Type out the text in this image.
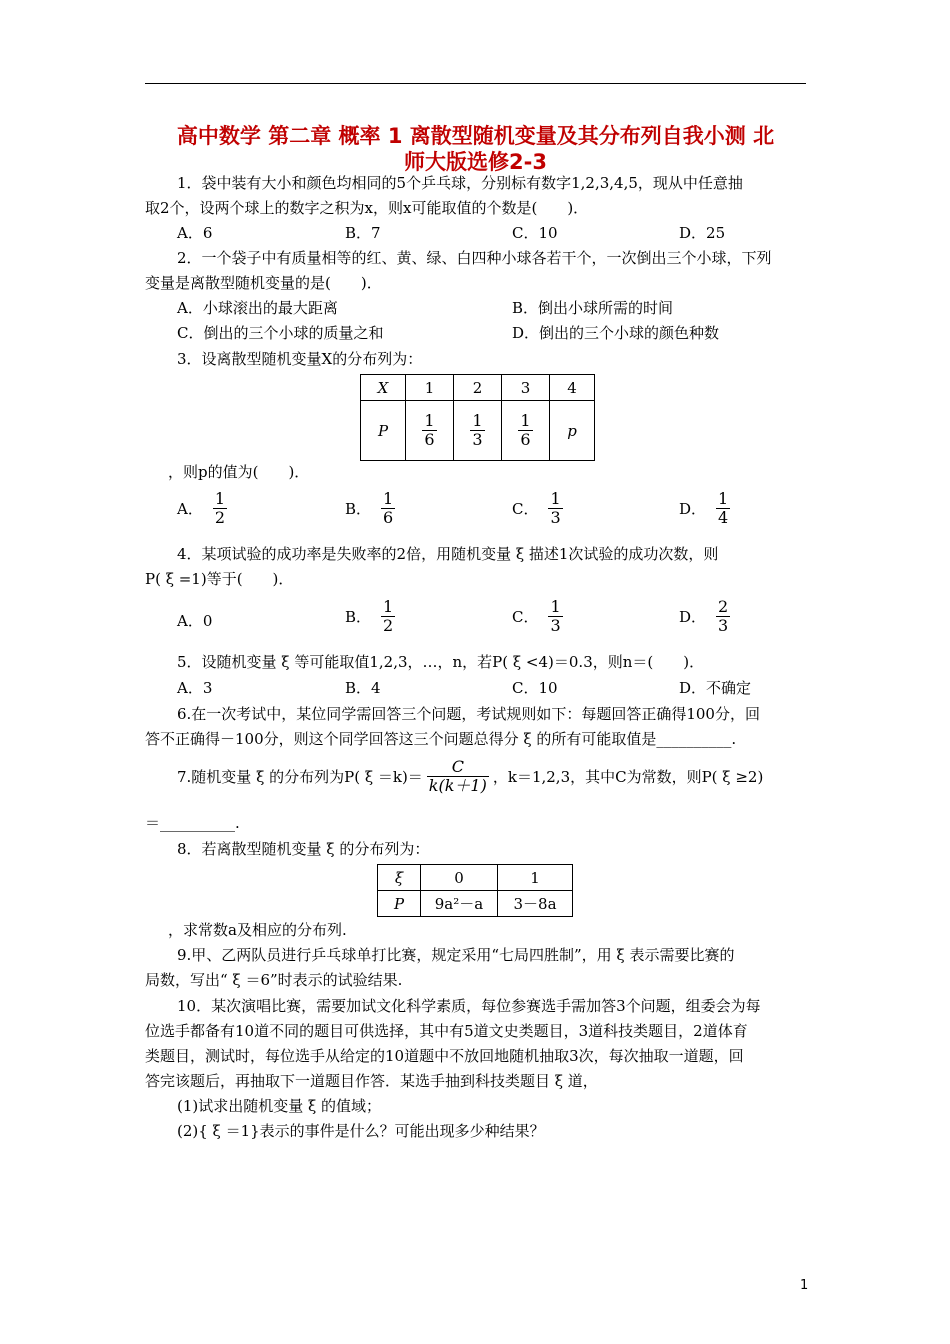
高中数学 第二章 概率 1 离散型随机变量及其分布列自我小测 北
师大版选修2-3
1．袋中装有大小和颜色均相同的5个乒乓球，分别标有数字1,2,3,4,5，现从中任意抽
取2个，设两个球上的数字之积为x，则x可能取值的个数是(　　)．
A．6	B．7	C．10	D．25
2．一个袋子中有质量相等的红、黄、绿、白四种小球各若干个，一次倒出三个小球，下列
变量是离散型随机变量的是(　　)．
A．小球滚出的最大距离	B．倒出小球所需的时间
C．倒出的三个小球的质量之和	D．倒出的三个小球的颜色种数
3．设离散型随机变量X的分布列为：
X	1	2	3	4
P	$\frac{1}{6}$	$\frac{1}{3}$	$\frac{1}{6}$	p
，则p的值为(　　)．
A． $\frac{1}{2}$	B． $\frac{1}{6}$	C． $\frac{1}{3}$	D． $\frac{1}{4}$
4．某项试验的成功率是失败率的2倍，用随机变量 ξ 描述1次试验的成功次数，则
P( ξ =1)等于(　　)．
A．0	B． $\frac{1}{2}$	C． $\frac{1}{3}$	D． $\frac{2}{3}$
5．设随机变量 ξ 等可能取值1,2,3，…，n，若P( ξ <4)＝0.3，则n＝(　　)．
A．3	B．4	C．10	D．不确定
6.在一次考试中，某位同学需回答三个问题，考试规则如下：每题回答正确得100分，回
答不正确得－100分，则这个同学回答这三个问题总得分 ξ 的所有可能取值是__________.
7.随机变量 ξ 的分布列为P( $\xi =k)= \frac{C}{k(k+1)}$ ，k＝1,2,3，其中C为常数，则P( ξ ≥2)
＝__________.
8．若离散型随机变量 ξ 的分布列为：
ξ	0	1
P	9a²－a	3－8a
，求常数a及相应的分布列.
9.甲、乙两队员进行乒乓球单打比赛，规定采用“七局四胜制”，用 ξ 表示需要比赛的
局数，写出“ ξ ＝6”时表示的试验结果.
10．某次演唱比赛，需要加试文化科学素质，每位参赛选手需加答3个问题，组委会为每
位选手都备有10道不同的题目可供选择，其中有5道文史类题目，3道科技类题目，2道体育
类题目，测试时，每位选手从给定的10道题中不放回地随机抽取3次，每次抽取一道题，回
答完该题后，再抽取下一道题目作答．某选手抽到科技类题目 ξ 道，
(1)试求出随机变量 ξ 的值域；
(2){ ξ ＝1}表示的事件是什么？可能出现多少种结果？
1
